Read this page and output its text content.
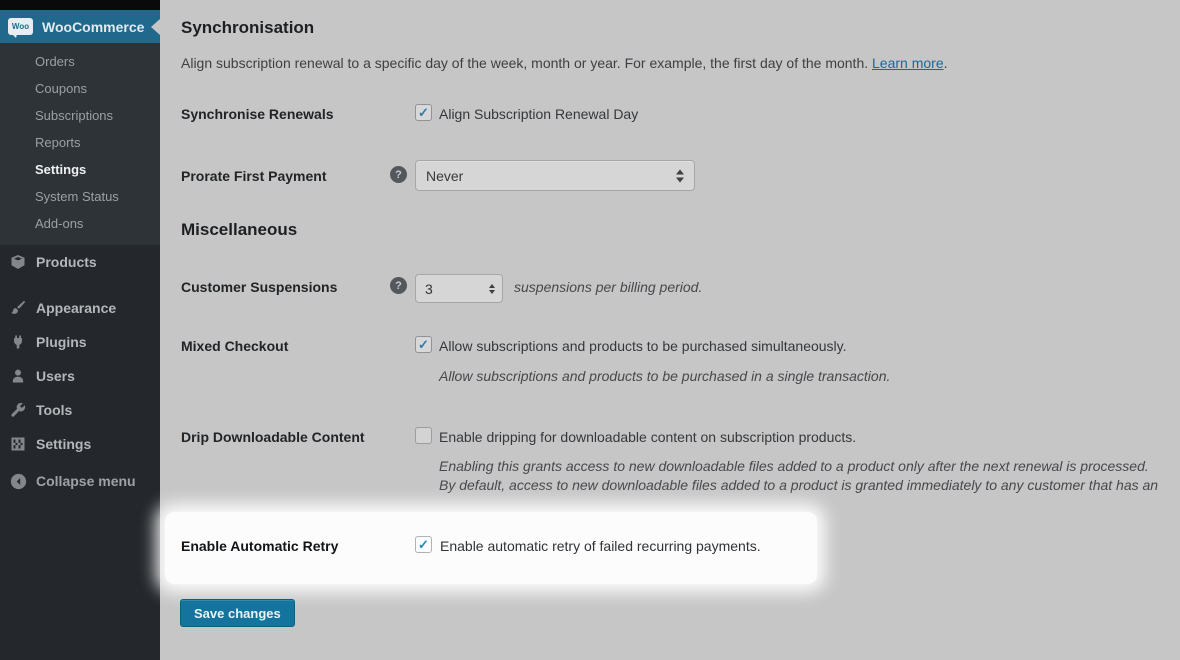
Woo WooCommerce
Orders
Coupons
Subscriptions
Reports
Settings
System Status
Add-ons
Products
Appearance
Plugins
Users
Tools
Settings
Collapse menu
Synchronisation

Align subscription renewal to a specific day of the week, month or year. For example, the first day of the month. Learn more.

Synchronise Renewals	✓ Align Subscription Renewal Day
Prorate First Payment	?	Never
Miscellaneous
Customer Suspensions	?	3	suspensions per billing period.
Mixed Checkout	✓ Allow subscriptions and products to be purchased simultaneously.
Allow subscriptions and products to be purchased in a single transaction.
Drip Downloadable Content	Enable dripping for downloadable content on subscription products.
Enabling this grants access to new downloadable files added to a product only after the next renewal is processed.
By default, access to new downloadable files added to a product is granted immediately to any customer that has an
Enable Automatic Retry	✓ Enable automatic retry of failed recurring payments.
Save changes
